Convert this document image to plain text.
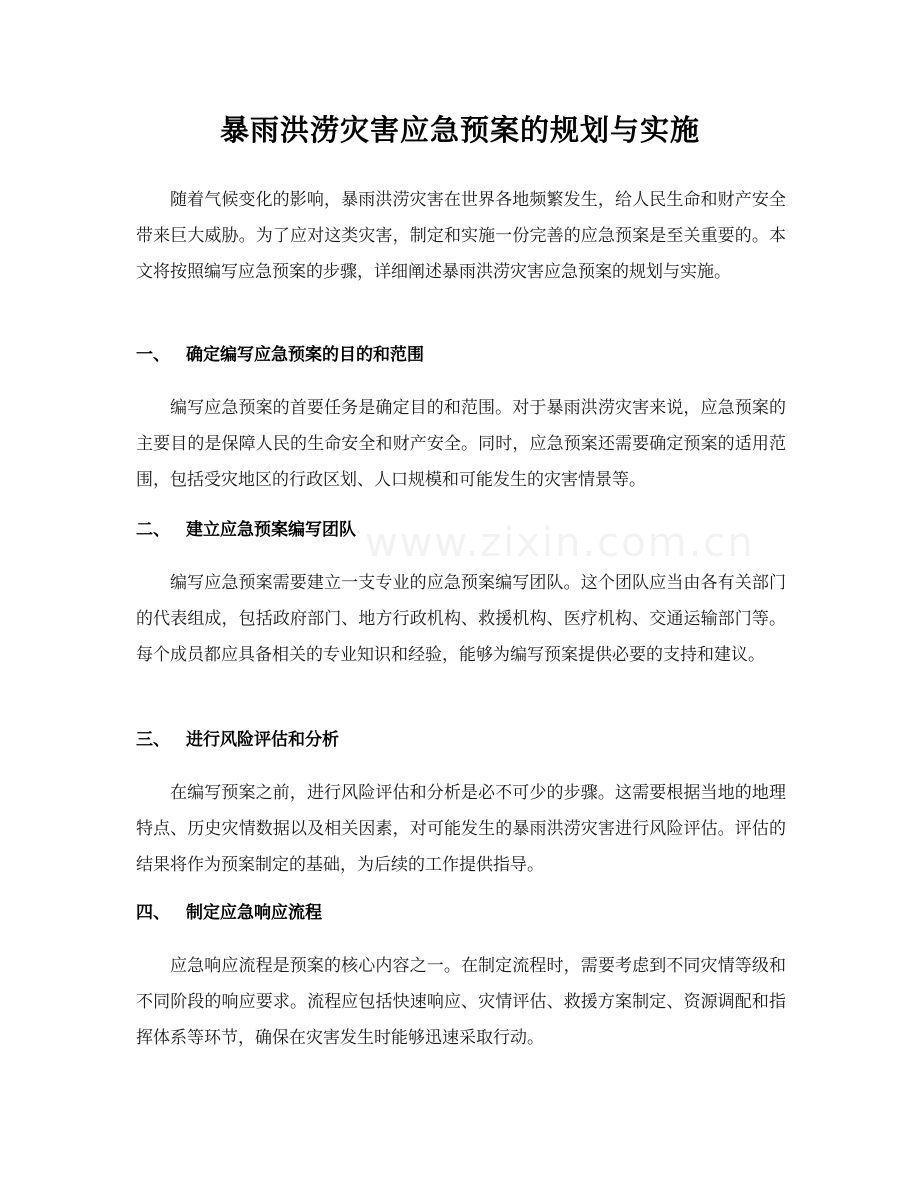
暴雨洪涝灾害应急预案的规划与实施

随着气候变化的影响，暴雨洪涝灾害在世界各地频繁发生，给人民生命和财产安全带来巨大威胁。为了应对这类灾害，制定和实施一份完善的应急预案是至关重要的。本文将按照编写应急预案的步骤，详细阐述暴雨洪涝灾害应急预案的规划与实施。

一、 确定编写应急预案的目的和范围

编写应急预案的首要任务是确定目的和范围。对于暴雨洪涝灾害来说，应急预案的主要目的是保障人民的生命安全和财产安全。同时，应急预案还需要确定预案的适用范围，包括受灾地区的行政区划、人口规模和可能发生的灾害情景等。

二、 建立应急预案编写团队

编写应急预案需要建立一支专业的应急预案编写团队。这个团队应当由各有关部门的代表组成，包括政府部门、地方行政机构、救援机构、医疗机构、交通运输部门等。每个成员都应具备相关的专业知识和经验，能够为编写预案提供必要的支持和建议。

三、 进行风险评估和分析

在编写预案之前，进行风险评估和分析是必不可少的步骤。这需要根据当地的地理特点、历史灾情数据以及相关因素，对可能发生的暴雨洪涝灾害进行风险评估。评估的结果将作为预案制定的基础，为后续的工作提供指导。

四、 制定应急响应流程

应急响应流程是预案的核心内容之一。在制定流程时，需要考虑到不同灾情等级和不同阶段的响应要求。流程应包括快速响应、灾情评估、救援方案制定、资源调配和指挥体系等环节，确保在灾害发生时能够迅速采取行动。

www.zixin.com.cn
